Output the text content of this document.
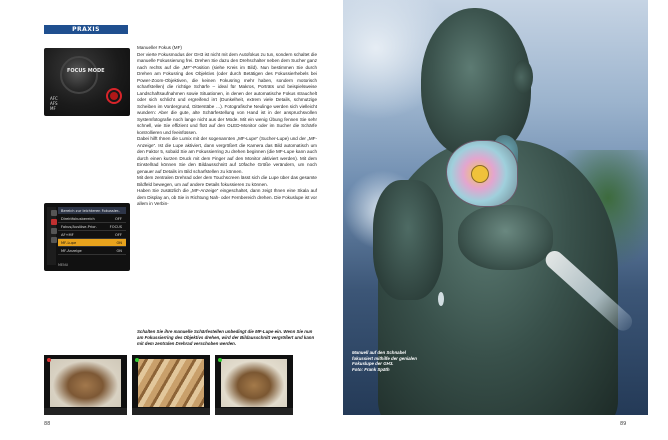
PRAXIS
FOCUS MODE
AFC
AFS
MF

Manueller Fokus (MF)

Der vierte Fokusmodus der GH3 ist nicht mit dem Autofokus zu tun, sondern schaltet die manuelle Fokussierung frei. Drehen Sie dazu den Drehschalter neben dem Sucher ganz nach rechts auf die „MF“-Position (siehe Kreis im Bild). Nun bestimmen Sie durch Drehen am Fokusring des Objektivs (oder durch Betätigen des Fokussierhebels bei Power-Zoom-Objektiven, die keinen Fokusring mehr haben, sondern motorisch scharfstellen) die richtige Schärfe – ideal für Makros, Porträts und beispielsweise Landschaftsaufnahmen sowie Situationen, in denen der automatische Fokus strauchelt oder sich schlicht und ergreifend irrt (Dunkelheit, extrem viele Details, schmutzige Scheiben im Vordergrund, Gitterstäbe …). Fotografische Neulinge werden sich vielleicht wundern: Aber die gute, alte Schärfestellung von Hand ist in der anspruchsvollen Systemfotografie noch lange nicht aus der Mode. Mit ein wenig Übung fennen Sie sehr schnell, wie Sie effizient und flott auf den OLED-Monitor oder im Sucher die Schärfe kontrollieren und feeinfüssen.

Dabei hilft Ihnen die Lumix mit der sogenannten „MF-Lupe“ (Sucher-Lupe) und der „MF-Anzeige“. Ist die Lupe aktiviert, dann vergrößert die Kamera das Bild automatisch um den Faktor 5, sobald Sie am Fokussierring zu drehen beginnen (die MF-Lupe kann auch durch einen kurzen Druck mit dem Finger auf den Monitor aktiviert werden). Mit dem Einstellrad können Sie den Bildausschnitt auf 10fache Größe verändern, um noch genauer auf Details im Bild scharfstellen zu können.

Mit dem zentralen Drehrad oder dem Touchscreen lässt sich die Lupe über das gesamte Bildfeld bewegen, um auf andere Details fokussieren zu können.

Haben Sie zusätzlich die „MF-Anzeige“ eingeschaltet, dann zeigt Ihnen eine Skala auf dem Display an, ob Sie in Richtung Nah- oder Fernbereich drehen. Die Fokuslupe ist vor allem in Verbin-

Bereich zur leichteren Fokussier..
Direktfokusbereich	OFF
Fokus/Auslöse-Prior.	FOCUS
AF+MF	OFF
MF-Lupe	ON
MF-Anzeige	ON
MENU
Schalten Sie ihre manuelle Schärfestellen unbedingt die MF-Lupe ein. Wenn Sie nun am Fokussierring des Objektivs drehen, wird der Bildausschnitt vergrößert und kann mit dem zentralen Drehrad verschoben werden.
88
Manuell auf den Schnabel
fokussiert mithilfe der genialen
Fokuslupe der GH3.
Foto: Frank Späth
89
